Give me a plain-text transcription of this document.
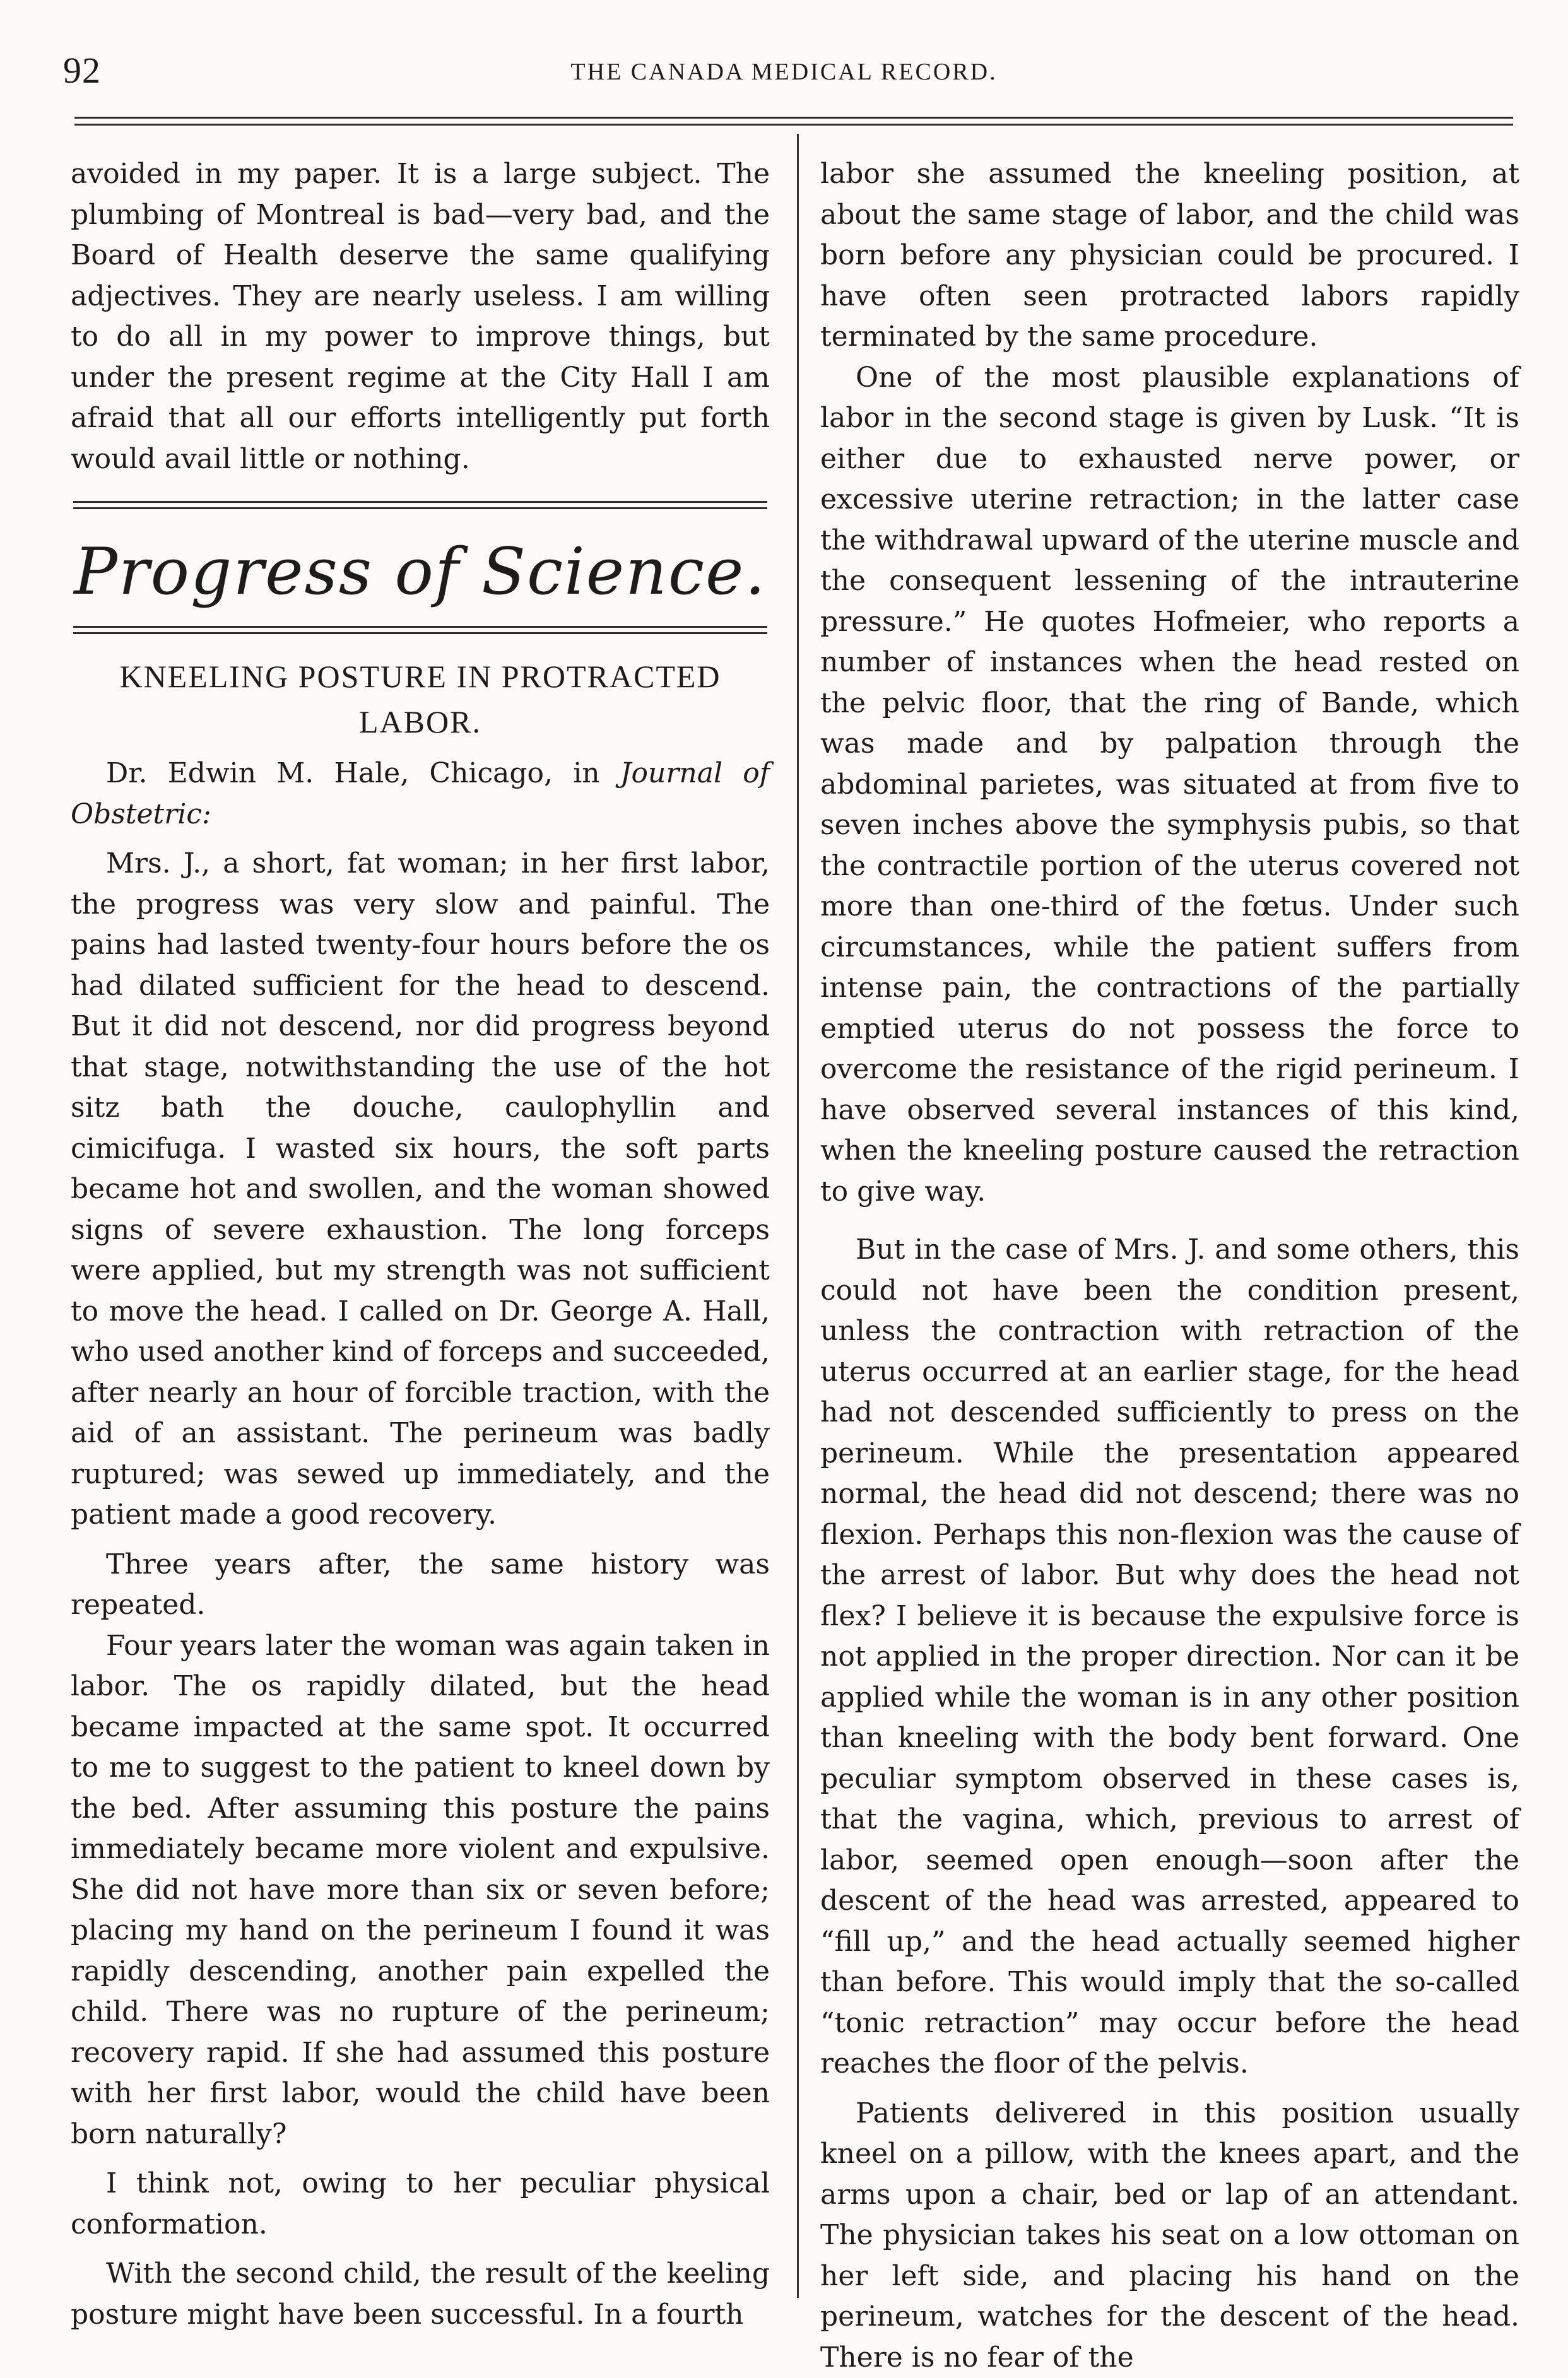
92	THE CANADA MEDICAL RECORD.

avoided in my paper. It is a large subject. The plumbing of Montreal is bad—very bad, and the Board of Health deserve the same qualifying adjectives. They are nearly useless. I am willing to do all in my power to improve things, but under the present regime at the City Hall I am afraid that all our efforts intelligently put forth would avail little or nothing.

Progress of Science.
KNEELING POSTURE IN PROTRACTED LABOR.

Dr. Edwin M. Hale, Chicago, in Journal of Obstetric:

Mrs. J., a short, fat woman; in her first labor, the progress was very slow and painful. The pains had lasted twenty-four hours before the os had dilated sufficient for the head to descend. But it did not descend, nor did progress beyond that stage, notwithstanding the use of the hot sitz bath the douche, caulophyllin and cimicifuga. I wasted six hours, the soft parts became hot and swollen, and the woman showed signs of severe exhaustion. The long forceps were applied, but my strength was not sufficient to move the head. I called on Dr. George A. Hall, who used another kind of forceps and succeeded, after nearly an hour of forcible traction, with the aid of an assistant. The perineum was badly ruptured; was sewed up immediately, and the patient made a good recovery.

Three years after, the same history was repeated.

Four years later the woman was again taken in labor. The os rapidly dilated, but the head became impacted at the same spot. It occurred to me to suggest to the patient to kneel down by the bed. After assuming this posture the pains immediately became more violent and expulsive. She did not have more than six or seven before; placing my hand on the perineum I found it was rapidly descending, another pain expelled the child. There was no rupture of the perineum; recovery rapid. If she had assumed this posture with her first labor, would the child have been born naturally?

I think not, owing to her peculiar physical conformation.

With the second child, the result of the keeling posture might have been successful. In a fourth

labor she assumed the kneeling position, at about the same stage of labor, and the child was born before any physician could be procured. I have often seen protracted labors rapidly terminated by the same procedure.

One of the most plausible explanations of labor in the second stage is given by Lusk. “It is either due to exhausted nerve power, or excessive uterine retraction; in the latter case the withdrawal upward of the uterine muscle and the consequent lessening of the intrauterine pressure.” He quotes Hofmeier, who reports a number of instances when the head rested on the pelvic floor, that the ring of Bande, which was made and by palpation through the abdominal parietes, was situated at from five to seven inches above the symphysis pubis, so that the contractile portion of the uterus covered not more than one-third of the fœtus. Under such circumstances, while the patient suffers from intense pain, the contractions of the partially emptied uterus do not possess the force to overcome the resistance of the rigid perineum. I have observed several instances of this kind, when the kneeling posture caused the retraction to give way.

But in the case of Mrs. J. and some others, this could not have been the condition present, unless the contraction with retraction of the uterus occurred at an earlier stage, for the head had not descended sufficiently to press on the perineum. While the presentation appeared normal, the head did not descend; there was no flexion. Perhaps this non-flexion was the cause of the arrest of labor. But why does the head not flex? I believe it is because the expulsive force is not applied in the proper direction. Nor can it be applied while the woman is in any other position than kneeling with the body bent forward. One peculiar symptom observed in these cases is, that the vagina, which, previous to arrest of labor, seemed open enough—soon after the descent of the head was arrested, appeared to “fill up,” and the head actually seemed higher than before. This would imply that the so-called “tonic retraction” may occur before the head reaches the floor of the pelvis.

Patients delivered in this position usually kneel on a pillow, with the knees apart, and the arms upon a chair, bed or lap of an attendant. The physician takes his seat on a low ottoman on her left side, and placing his hand on the perineum, watches for the descent of the head. There is no fear of the
